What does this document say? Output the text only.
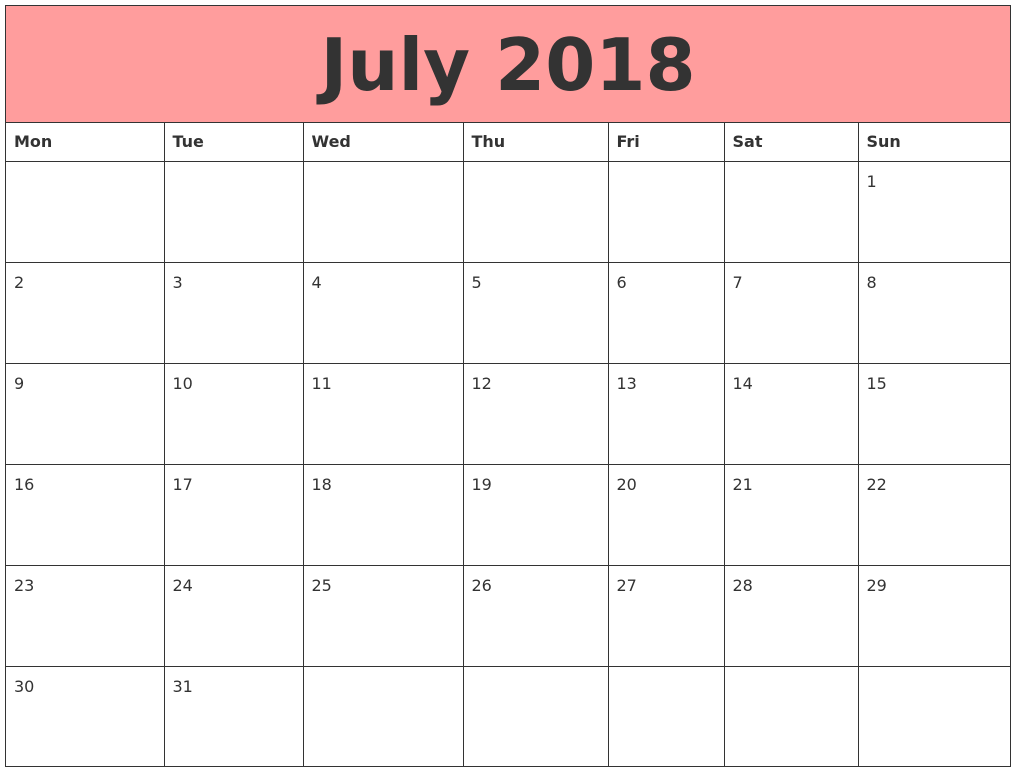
July 2018
Mon	Tue	Wed	Thu	Fri	Sat	Sun
						1
2	3	4	5	6	7	8
9	10	11	12	13	14	15
16	17	18	19	20	21	22
23	24	25	26	27	28	29
30	31					
